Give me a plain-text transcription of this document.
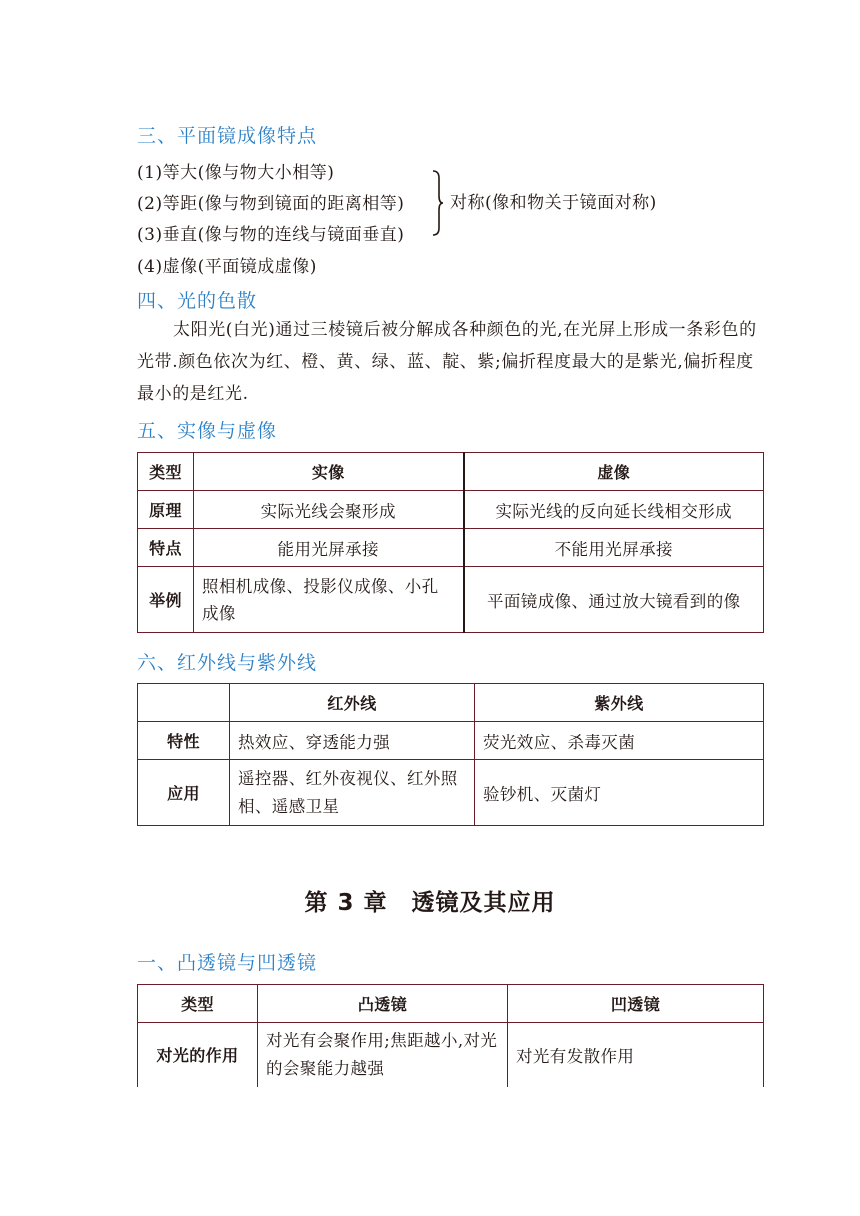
三、平面镜成像特点
(1)等大(像与物大小相等)
(2)等距(像与物到镜面的距离相等)
(3)垂直(像与物的连线与镜面垂直)
(4)虚像(平面镜成虚像)
对称(像和物关于镜面对称)
四、光的色散
太阳光(白光)通过三棱镜后被分解成各种颜色的光,在光屏上形成一条彩色的光带.颜色依次为红、橙、黄、绿、蓝、靛、紫;偏折程度最大的是紫光,偏折程度最小的是红光.
五、实像与虚像
类型	实像	虚像
原理	实际光线会聚形成	实际光线的反向延长线相交形成
特点	能用光屏承接	不能用光屏承接
举例	照相机成像、投影仪成像、小孔成像	平面镜成像、通过放大镜看到的像
六、红外线与紫外线
	红外线	紫外线
特性	热效应、穿透能力强	荧光效应、杀毒灭菌
应用	遥控器、红外夜视仪、红外照相、遥感卫星	验钞机、灭菌灯
第 3 章　透镜及其应用
一、凸透镜与凹透镜
类型	凸透镜	凹透镜
对光的作用	对光有会聚作用;焦距越小,对光的会聚能力越强	对光有发散作用
